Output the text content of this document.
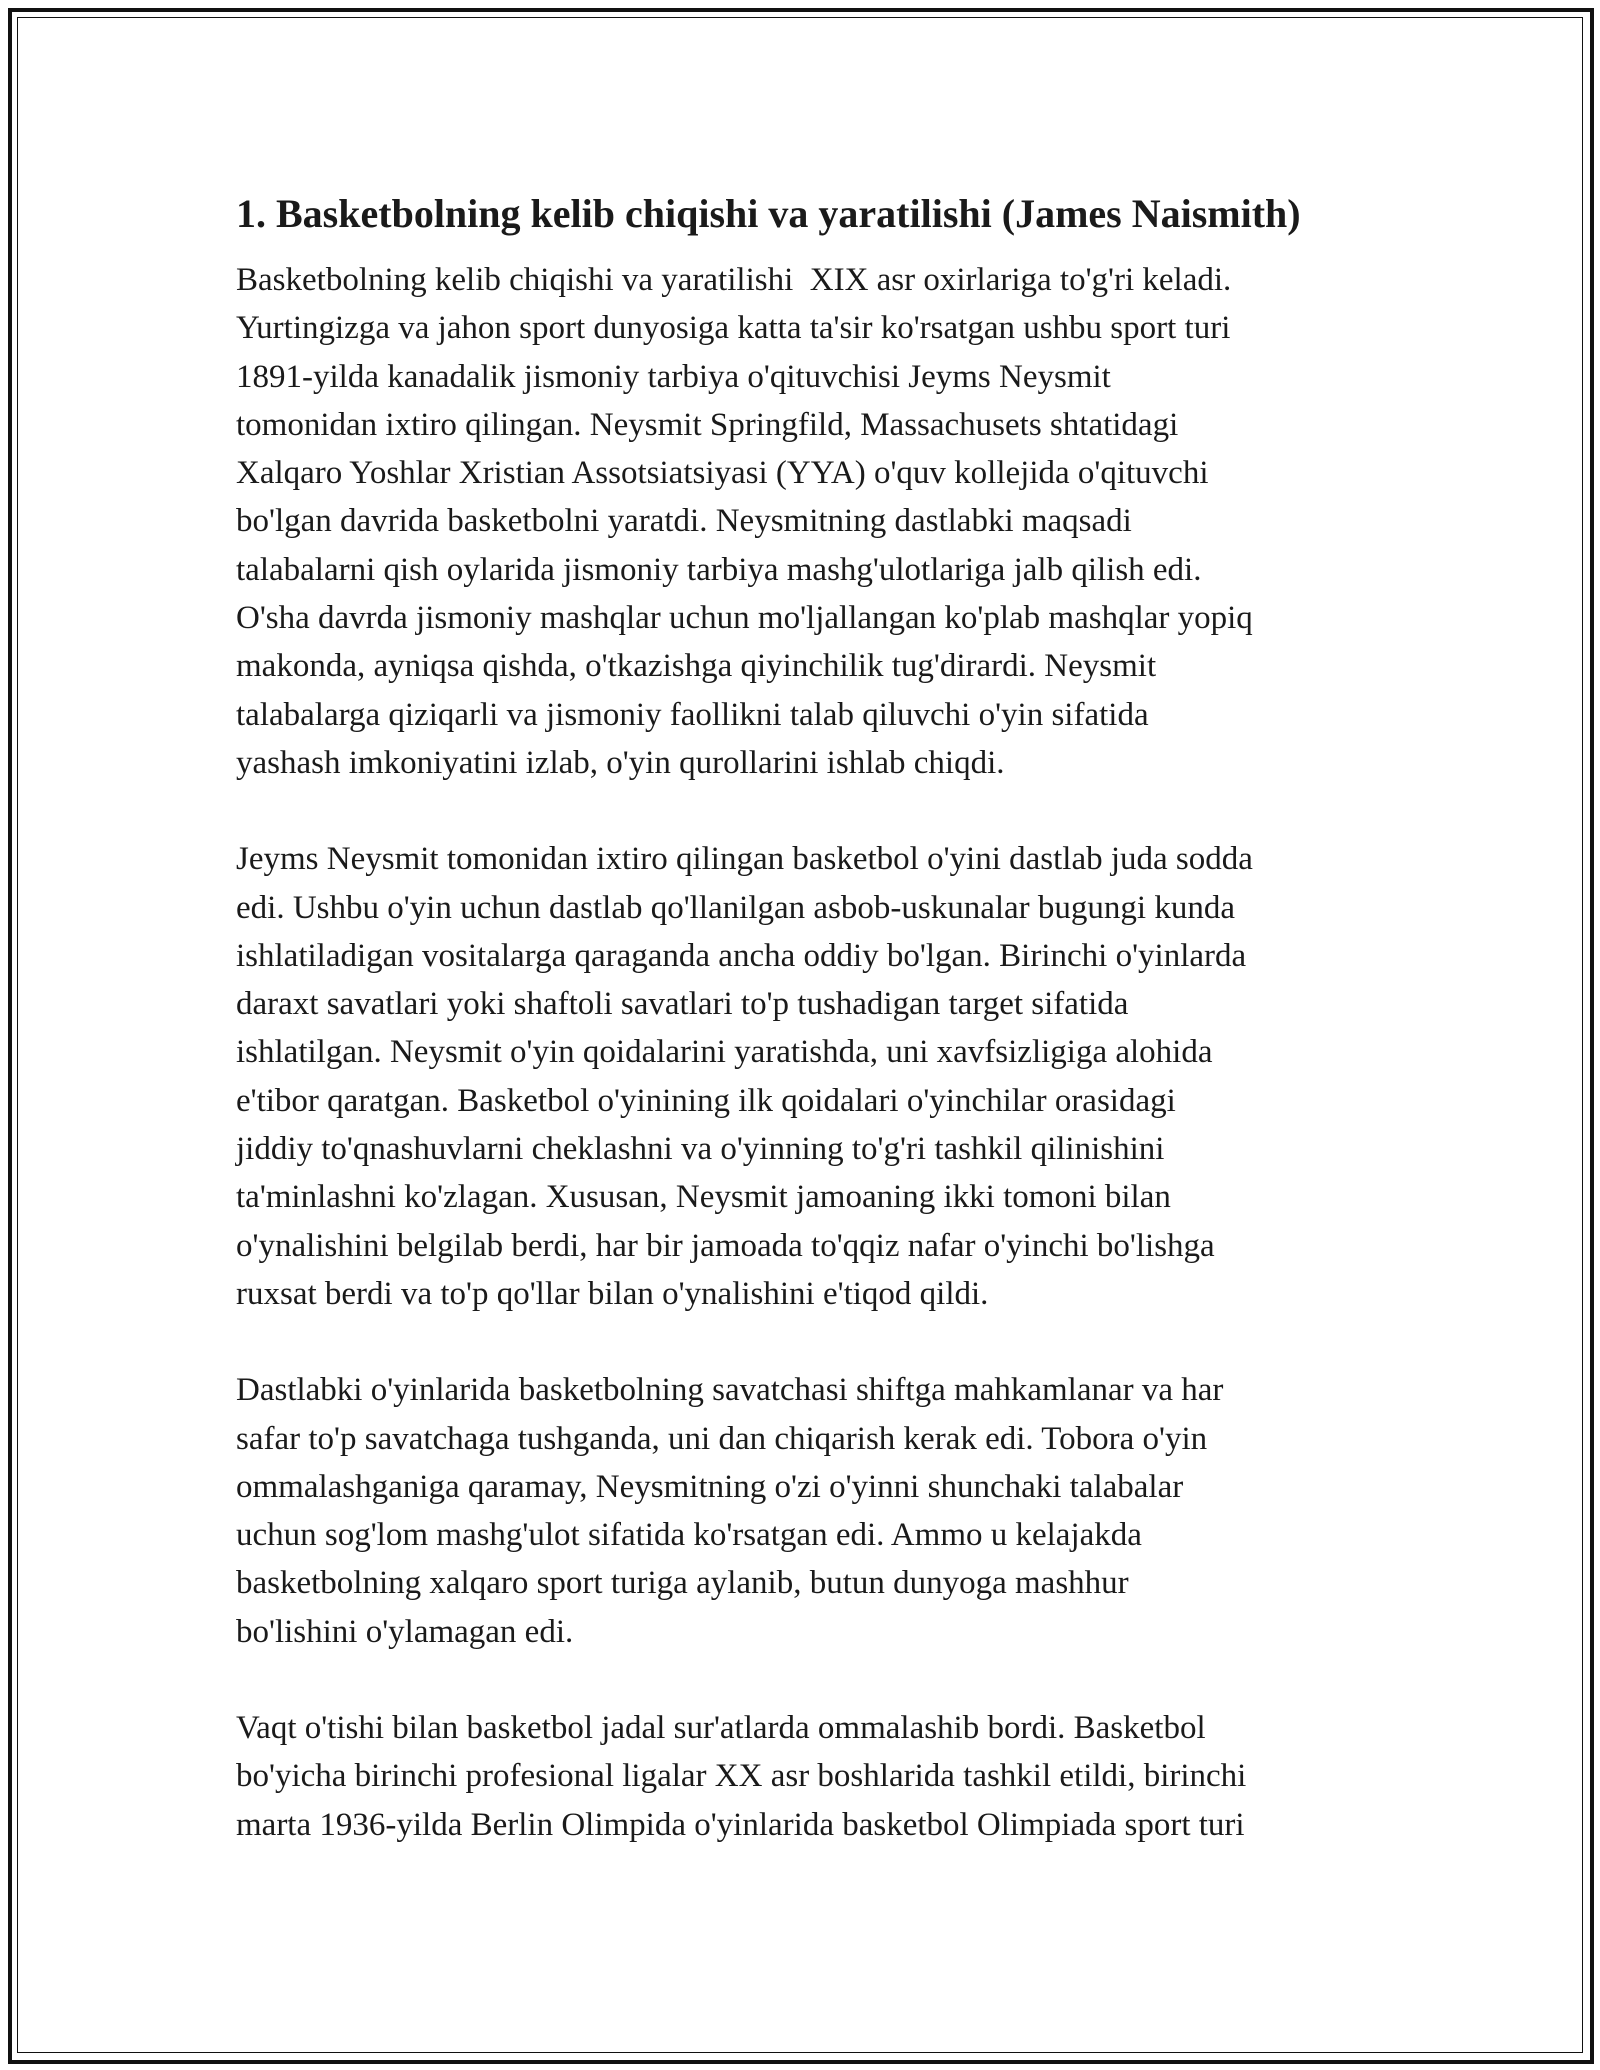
1. Basketbolning kelib chiqishi va yaratilishi (James Naismith)
Basketbolning kelib chiqishi va yaratilishi  XIX asr oxirlariga to'g'ri keladi.
Yurtingizga va jahon sport dunyosiga katta ta'sir ko'rsatgan ushbu sport turi
1891-yilda kanadalik jismoniy tarbiya o'qituvchisi Jeyms Neysmit
tomonidan ixtiro qilingan. Neysmit Springfild, Massachusets shtatidagi
Xalqaro Yoshlar Xristian Assotsiatsiyasi (YYA) o'quv kollejida o'qituvchi
bo'lgan davrida basketbolni yaratdi. Neysmitning dastlabki maqsadi
talabalarni qish oylarida jismoniy tarbiya mashg'ulotlariga jalb qilish edi.
O'sha davrda jismoniy mashqlar uchun mo'ljallangan ko'plab mashqlar yopiq
makonda, ayniqsa qishda, o'tkazishga qiyinchilik tug'dirardi. Neysmit
talabalarga qiziqarli va jismoniy faollikni talab qiluvchi o'yin sifatida
yashash imkoniyatini izlab, o'yin qurollarini ishlab chiqdi.
Jeyms Neysmit tomonidan ixtiro qilingan basketbol o'yini dastlab juda sodda
edi. Ushbu o'yin uchun dastlab qo'llanilgan asbob-uskunalar bugungi kunda
ishlatiladigan vositalarga qaraganda ancha oddiy bo'lgan. Birinchi o'yinlarda
daraxt savatlari yoki shaftoli savatlari to'p tushadigan target sifatida
ishlatilgan. Neysmit o'yin qoidalarini yaratishda, uni xavfsizligiga alohida
e'tibor qaratgan. Basketbol o'yinining ilk qoidalari o'yinchilar orasidagi
jiddiy to'qnashuvlarni cheklashni va o'yinning to'g'ri tashkil qilinishini
ta'minlashni ko'zlagan. Xususan, Neysmit jamoaning ikki tomoni bilan
o'ynalishini belgilab berdi, har bir jamoada to'qqiz nafar o'yinchi bo'lishga
ruxsat berdi va to'p qo'llar bilan o'ynalishini e'tiqod qildi.
Dastlabki o'yinlarida basketbolning savatchasi shiftga mahkamlanar va har
safar to'p savatchaga tushganda, uni dan chiqarish kerak edi. Tobora o'yin
ommalashganiga qaramay, Neysmitning o'zi o'yinni shunchaki talabalar
uchun sog'lom mashg'ulot sifatida ko'rsatgan edi. Ammo u kelajakda
basketbolning xalqaro sport turiga aylanib, butun dunyoga mashhur
bo'lishini o'ylamagan edi.
Vaqt o'tishi bilan basketbol jadal sur'atlarda ommalashib bordi. Basketbol
bo'yicha birinchi profesional ligalar XX asr boshlarida tashkil etildi, birinchi
marta 1936-yilda Berlin Olimpida o'yinlarida basketbol Olimpiada sport turi
